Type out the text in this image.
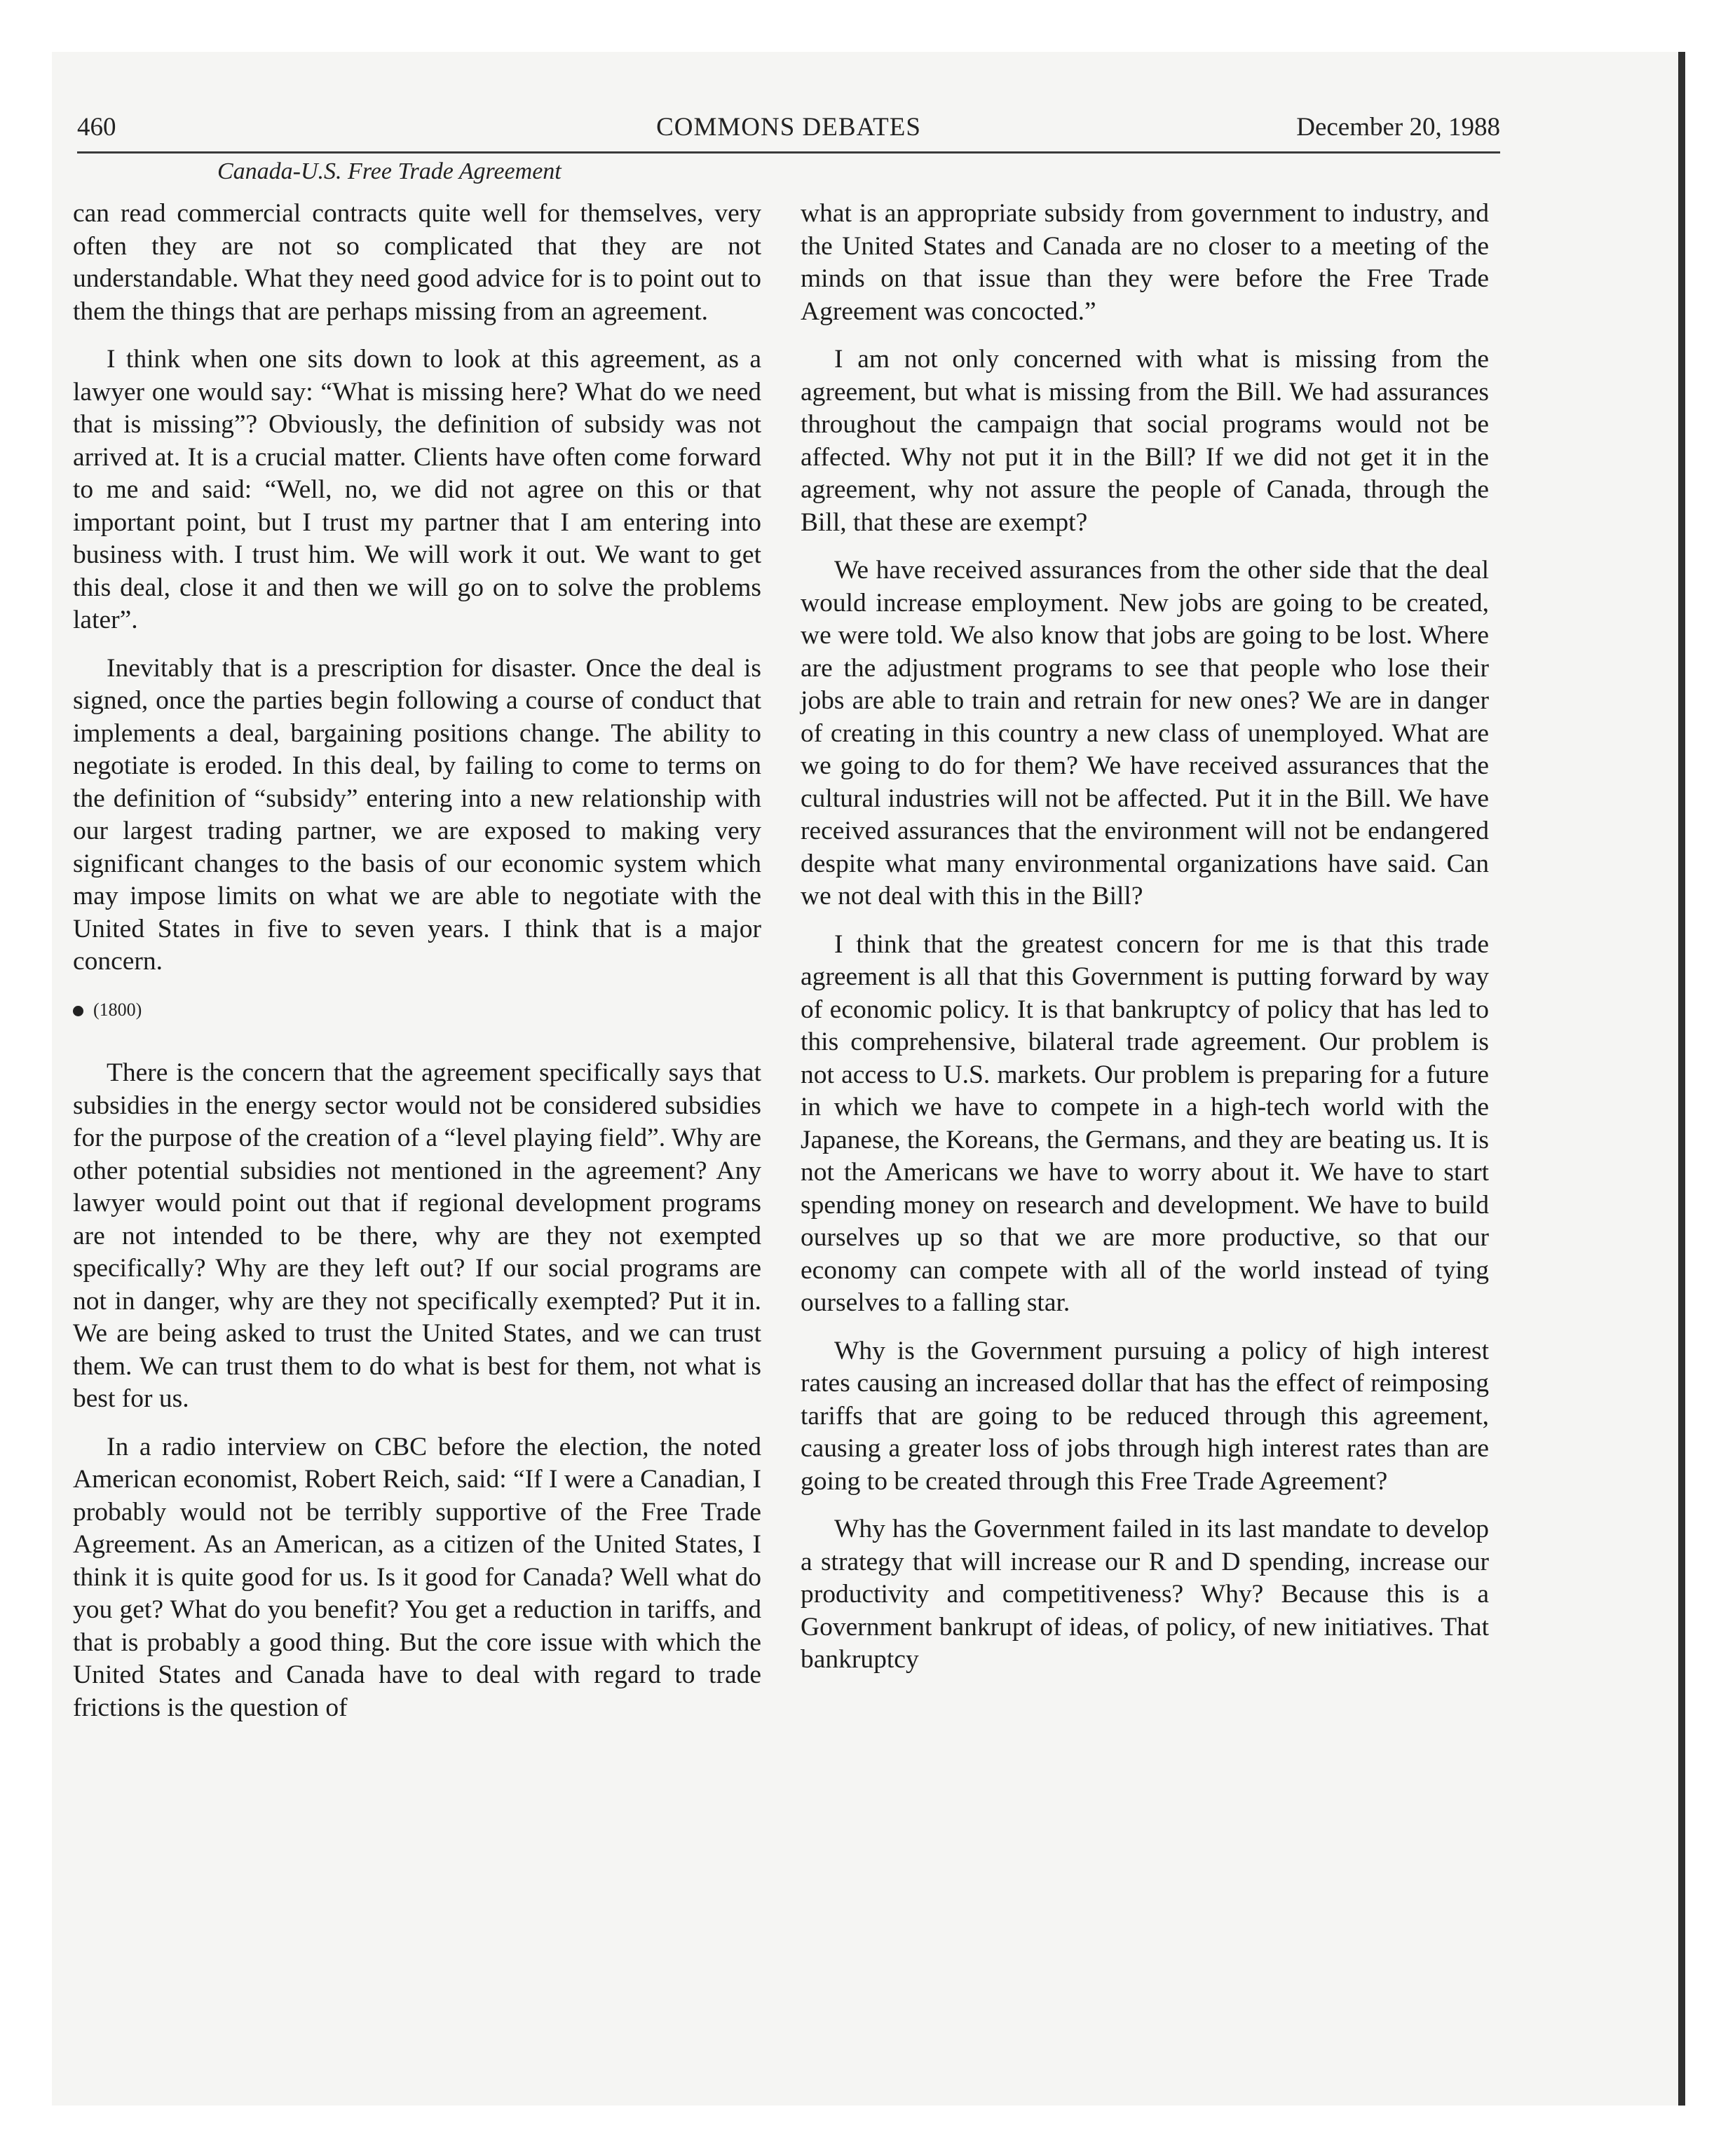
460	COMMONS DEBATES	December 20, 1988
Canada-U.S. Free Trade Agreement

can read commercial contracts quite well for themselves, very often they are not so complicated that they are not understandable. What they need good advice for is to point out to them the things that are perhaps missing from an agreement.

I think when one sits down to look at this agreement, as a lawyer one would say: “What is missing here? What do we need that is missing”? Obviously, the definition of subsidy was not arrived at. It is a crucial matter. Clients have often come forward to me and said: “Well, no, we did not agree on this or that important point, but I trust my partner that I am entering into business with. I trust him. We will work it out. We want to get this deal, close it and then we will go on to solve the problems later”.

Inevitably that is a prescription for disaster. Once the deal is signed, once the parties begin following a course of conduct that implements a deal, bargaining positions change. The ability to negotiate is eroded. In this deal, by failing to come to terms on the definition of “subsidy” entering into a new relationship with our largest trading partner, we are exposed to making very significant changes to the basis of our economic system which may impose limits on what we are able to negotiate with the United States in five to seven years. I think that is a major concern.

(1800)

There is the concern that the agreement specifically says that subsidies in the energy sector would not be considered subsidies for the purpose of the creation of a “level playing field”. Why are other potential subsidies not mentioned in the agreement? Any lawyer would point out that if regional development programs are not intended to be there, why are they not exempted specifically? Why are they left out? If our social programs are not in danger, why are they not specifically exempted? Put it in. We are being asked to trust the United States, and we can trust them. We can trust them to do what is best for them, not what is best for us.

In a radio interview on CBC before the election, the noted American economist, Robert Reich, said: “If I were a Canadian, I probably would not be terribly supportive of the Free Trade Agreement. As an American, as a citizen of the United States, I think it is quite good for us. Is it good for Canada? Well what do you get? What do you benefit? You get a reduction in tariffs, and that is probably a good thing. But the core issue with which the United States and Canada have to deal with regard to trade frictions is the question of

what is an appropriate subsidy from government to industry, and the United States and Canada are no closer to a meeting of the minds on that issue than they were before the Free Trade Agreement was concocted.”

I am not only concerned with what is missing from the agreement, but what is missing from the Bill. We had assurances throughout the campaign that social programs would not be affected. Why not put it in the Bill? If we did not get it in the agreement, why not assure the people of Canada, through the Bill, that these are exempt?

We have received assurances from the other side that the deal would increase employment. New jobs are going to be created, we were told. We also know that jobs are going to be lost. Where are the adjustment programs to see that people who lose their jobs are able to train and retrain for new ones? We are in danger of creating in this country a new class of unemployed. What are we going to do for them? We have received assurances that the cultural industries will not be affected. Put it in the Bill. We have received assurances that the environment will not be endangered despite what many environmental organizations have said. Can we not deal with this in the Bill?

I think that the greatest concern for me is that this trade agreement is all that this Government is putting forward by way of economic policy. It is that bankruptcy of policy that has led to this comprehensive, bilateral trade agreement. Our problem is not access to U.S. markets. Our problem is preparing for a future in which we have to compete in a high-tech world with the Japanese, the Koreans, the Germans, and they are beating us. It is not the Americans we have to worry about it. We have to start spending money on research and development. We have to build ourselves up so that we are more productive, so that our economy can compete with all of the world instead of tying ourselves to a falling star.

Why is the Government pursuing a policy of high interest rates causing an increased dollar that has the effect of reimposing tariffs that are going to be reduced through this agreement, causing a greater loss of jobs through high interest rates than are going to be created through this Free Trade Agreement?

Why has the Government failed in its last mandate to develop a strategy that will increase our R and D spending, increase our productivity and competitiveness? Why? Because this is a Government bankrupt of ideas, of policy, of new initiatives. That bankruptcy
